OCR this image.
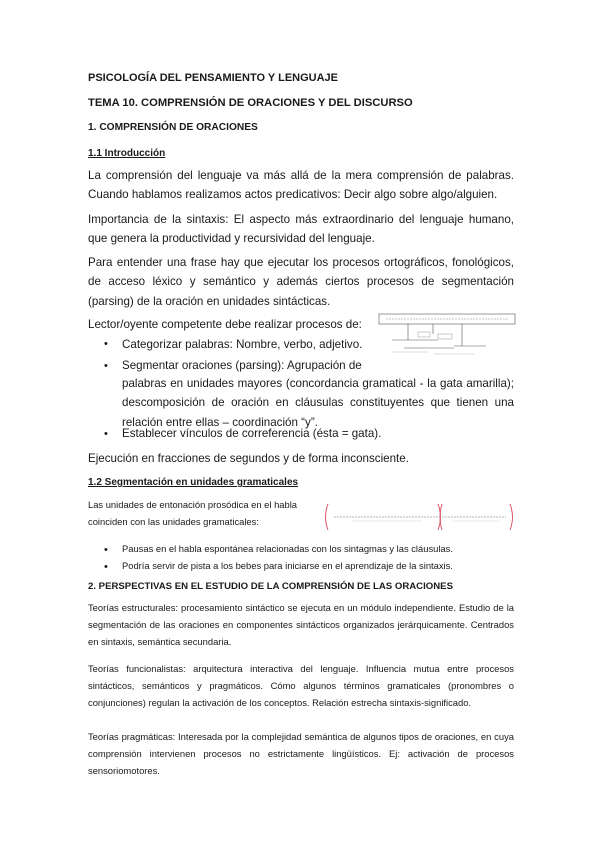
PSICOLOGÍA DEL PENSAMIENTO Y LENGUAJE
TEMA 10. COMPRENSIÓN DE ORACIONES Y DEL DISCURSO
1. COMPRENSIÓN DE ORACIONES
1.1 Introducción
La comprensión del lenguaje va más allá de la mera comprensión de palabras. Cuando hablamos realizamos actos predicativos: Decir algo sobre algo/alguien.
Importancia de la sintaxis: El aspecto más extraordinario del lenguaje humano, que genera la productividad y recursividad del lenguaje.
Para entender una frase hay que ejecutar los procesos ortográficos, fonológicos, de acceso léxico y semántico y además ciertos procesos de segmentación (parsing) de la oración en unidades sintácticas.
Lector/oyente competente debe realizar procesos de:
• Categorizar palabras: Nombre, verbo, adjetivo.
• Segmentar oraciones (parsing): Agrupación de
palabras en unidades mayores (concordancia gramatical - la gata amarilla); descomposición de oración en cláusulas constituyentes que tienen una relación entre ellas – coordinación “y”.
• Establecer vínculos de correferencia (ésta = gata).
Ejecución en fracciones de segundos y de forma inconsciente.
1.2 Segmentación en unidades gramaticales
Las unidades de entonación prosódica en el habla coinciden con las unidades gramaticales:
• Pausas en el habla espontánea relacionadas con los sintagmas y las cláusulas.
• Podría servir de pista a los bebes para iniciarse en el aprendizaje de la sintaxis.
2. PERSPECTIVAS EN EL ESTUDIO DE LA COMPRENSIÓN DE LAS ORACIONES
Teorías estructurales: procesamiento sintáctico se ejecuta en un módulo independiente. Estudio de la segmentación de las oraciones en componentes sintácticos organizados jerárquicamente. Centrados en sintaxis, semántica secundaria.
Teorías funcionalistas: arquitectura interactiva del lenguaje. Influencia mutua entre procesos sintácticos, semánticos y pragmáticos. Cómo algunos términos gramaticales (pronombres o conjunciones) regulan la activación de los conceptos. Relación estrecha sintaxis-significado.
Teorías pragmáticas: Interesada por la complejidad semántica de algunos tipos de oraciones, en cuya comprensión intervienen procesos no estrictamente lingüísticos. Ej: activación de procesos sensoriomotores.
